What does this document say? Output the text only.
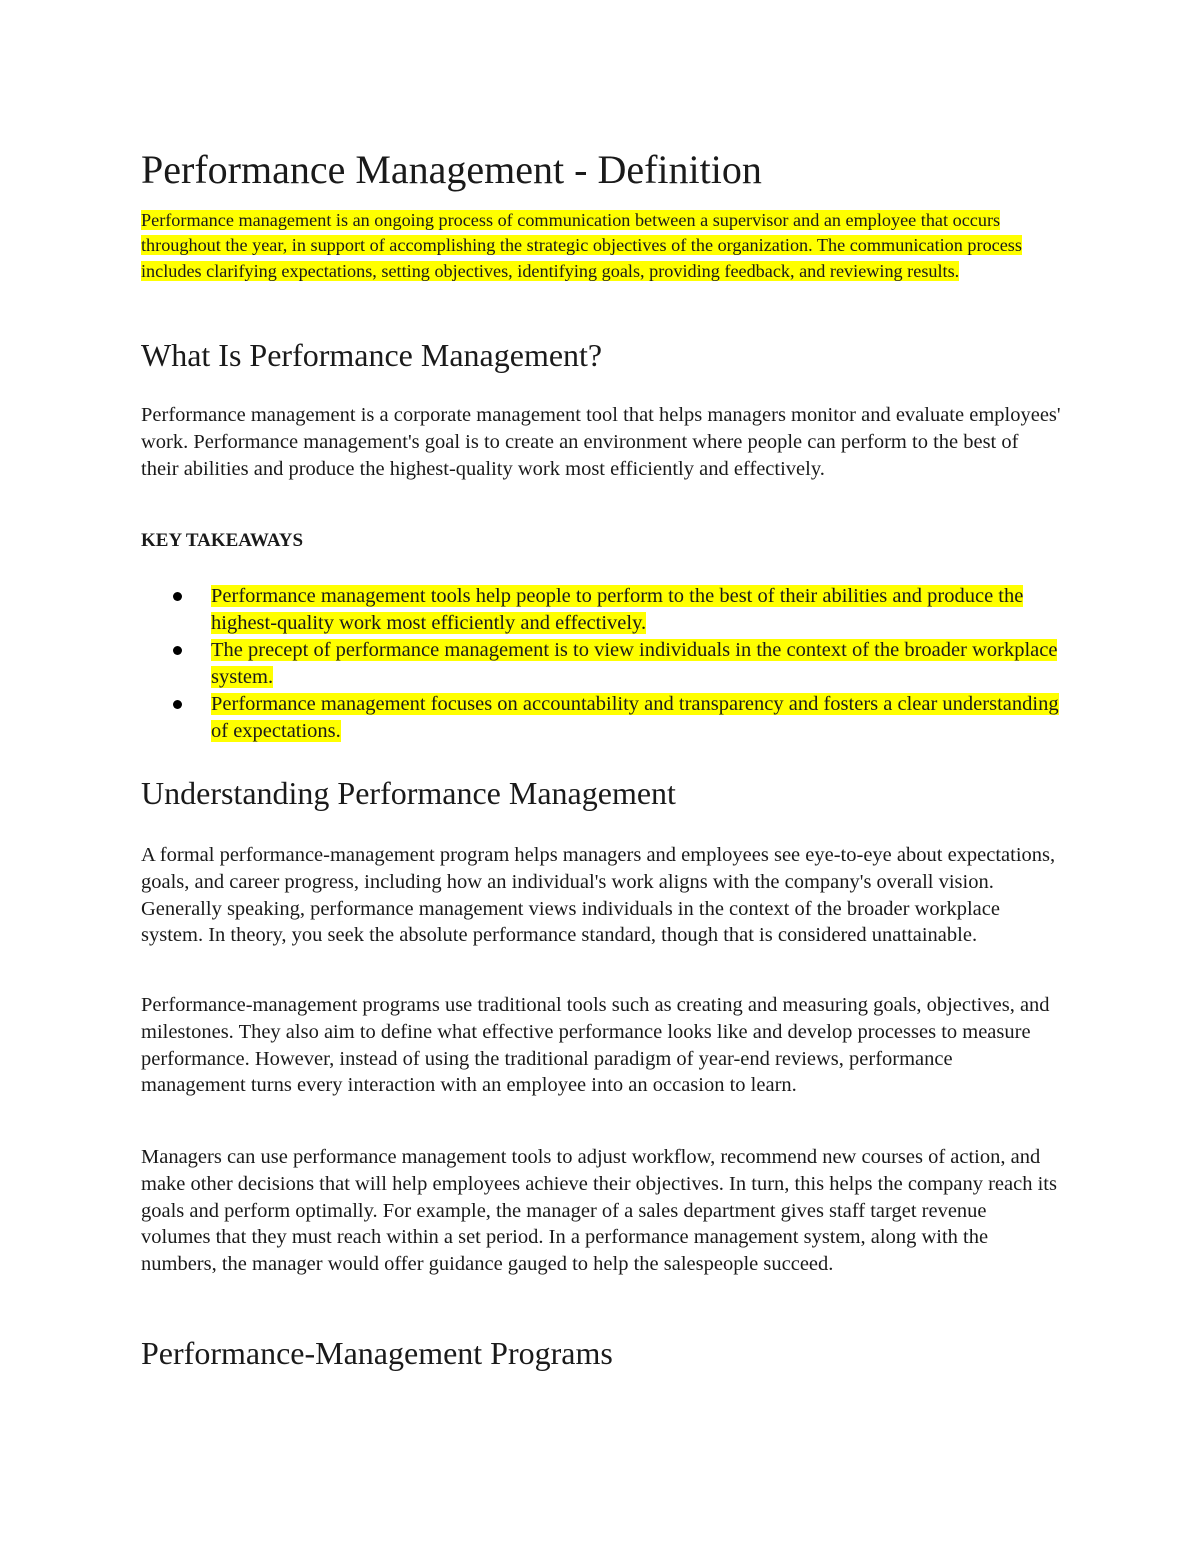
Performance Management - Definition

Performance management is an ongoing process of communication between a supervisor and an employee that occurs throughout the year, in support of accomplishing the strategic objectives of the organization. The communication process includes clarifying expectations, setting objectives, identifying goals, providing feedback, and reviewing results.

What Is Performance Management?

Performance management is a corporate management tool that helps managers monitor and evaluate employees' work. Performance management's goal is to create an environment where people can perform to the best of their abilities and produce the highest-quality work most efficiently and effectively.

KEY TAKEAWAYS

Performance management tools help people to perform to the best of their abilities and produce the highest-quality work most efficiently and effectively.
The precept of performance management is to view individuals in the context of the broader workplace system.
Performance management focuses on accountability and transparency and fosters a clear understanding of expectations.
Understanding Performance Management

A formal performance-management program helps managers and employees see eye-to-eye about expectations, goals, and career progress, including how an individual's work aligns with the company's overall vision. Generally speaking, performance management views individuals in the context of the broader workplace system. In theory, you seek the absolute performance standard, though that is considered unattainable.

Performance-management programs use traditional tools such as creating and measuring goals, objectives, and milestones. They also aim to define what effective performance looks like and develop processes to measure performance. However, instead of using the traditional paradigm of year-end reviews, performance management turns every interaction with an employee into an occasion to learn.

Managers can use performance management tools to adjust workflow, recommend new courses of action, and make other decisions that will help employees achieve their objectives. In turn, this helps the company reach its goals and perform optimally. For example, the manager of a sales department gives staff target revenue volumes that they must reach within a set period. In a performance management system, along with the numbers, the manager would offer guidance gauged to help the salespeople succeed.

Performance-Management Programs
